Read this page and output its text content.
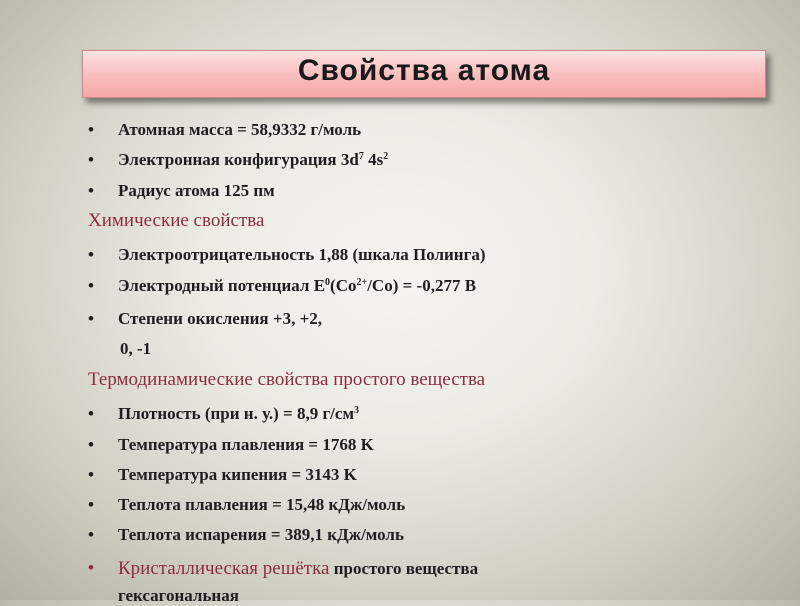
Свойства атома
• Атомная масса = 58,9332 г/моль
• Электронная конфигурация $3d^7$ $4s^2$
• Радиус атома 125 пм
Химические свойства
• Электроотрицательность 1,88 (шкала Полинга)
• Электродный потенциал $E^0(Co^{2+}/Co) = -0,277$ B
• Степени окисления +3, +2,
0, -1
Термодинамические свойства простого вещества
• Плотность (при н. у.) = 8,9 $г/см^3$
• Температура плавления = 1768 K
• Температура кипения = 3143 K
• Теплота плавления = 15,48 кДж/моль
• Теплота испарения = 389,1 кДж/моль
• Кристаллическая решётка простого вещества
гексагональная
